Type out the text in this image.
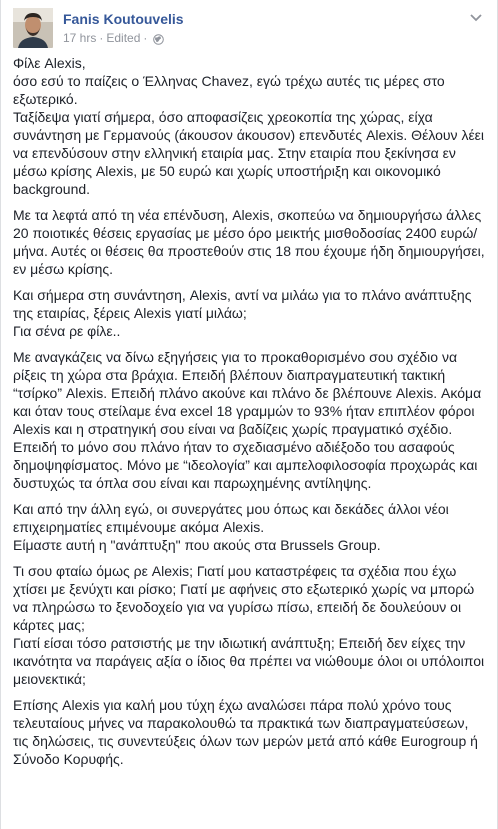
Fanis Koutouvelis
17 hrs · Edited ·

Φίλε Alexis,
όσο εσύ το παίζεις ο Έλληνας Chavez, εγώ τρέχω αυτές τις μέρες στο εξωτερικό.
Ταξίδεψα γιατί σήμερα, όσο αποφασίζεις χρεοκοπία της χώρας, είχα συνάντηση με Γερμανούς (άκουσον άκουσον) επενδυτές Alexis. Θέλουν λέει να επενδύσουν στην ελληνική εταιρία μας. Στην εταιρία που ξεκίνησα εν μέσω κρίσης Alexis, με 50 ευρώ και χωρίς υποστήριξη και οικονομικό background.

Με τα λεφτά από τη νέα επένδυση, Alexis, σκοπεύω να δημιουργήσω άλλες 20 ποιοτικές θέσεις εργασίας με μέσο όρο μεικτής μισθοδοσίας 2400 ευρώ/μήνα. Αυτές οι θέσεις θα προστεθούν στις 18 που έχουμε ήδη δημιουργήσει, εν μέσω κρίσης.

Και σήμερα στη συνάντηση, Alexis, αντί να μιλάω για το πλάνο ανάπτυξης της εταιρίας, ξέρεις Alexis γιατί μιλάω;
Για σένα ρε φίλε..

Με αναγκάζεις να δίνω εξηγήσεις για το προκαθορισμένο σου σχέδιο να ρίξεις τη χώρα στα βράχια. Επειδή βλέπουν διαπραγματευτική τακτική “τσίρκο” Alexis. Επειδή πλάνο ακούνε και πλάνο δε βλέπουνε Alexis. Ακόμα και όταν τους στείλαμε ένα excel 18 γραμμών το 93% ήταν επιπλέον φόροι Alexis και η στρατηγική σου είναι να βαδίζεις χωρίς πραγματικό σχέδιο. Επειδή το μόνο σου πλάνο ήταν το σχεδιασμένο αδιέξοδο του ασαφούς δημοψηφίσματος. Μόνο με “ιδεολογία” και αμπελοφιλοσοφία προχωράς και δυστυχώς τα όπλα σου είναι και παρωχημένης αντίληψης.

Και από την άλλη εγώ, οι συνεργάτες μου όπως και δεκάδες άλλοι νέοι επιχειρηματίες επιμένουμε ακόμα Alexis.
Είμαστε αυτή η "ανάπτυξη" που ακούς στα Brussels Group.

Τι σου φταίω όμως ρε Alexis; Γιατί μου καταστρέφεις τα σχέδια που έχω χτίσει με ξενύχτι και ρίσκο; Γιατί με αφήνεις στο εξωτερικό χωρίς να μπορώ να πληρώσω το ξενοδοχείο για να γυρίσω πίσω, επειδή δε δουλεύουν οι κάρτες μας;
Γιατί είσαι τόσο ρατσιστής με την ιδιωτική ανάπτυξη; Επειδή δεν είχες την ικανότητα να παράγεις αξία ο ίδιος θα πρέπει να νιώθουμε όλοι οι υπόλοιποι μειονεκτικά;

Επίσης Alexis για καλή μου τύχη έχω αναλώσει πάρα πολύ χρόνο τους τελευταίους μήνες να παρακολουθώ τα πρακτικά των διαπραγματεύσεων, τις δηλώσεις, τις συνεντεύξεις όλων των μερών μετά από κάθε Eurogroup ή Σύνοδο Κορυφής.
